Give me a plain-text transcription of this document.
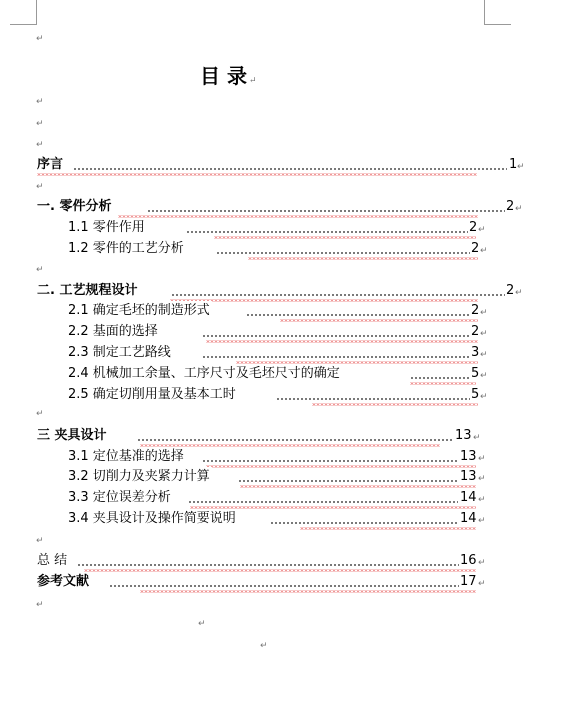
目 录 ↵
↵
↵
↵
↵
↵
↵
↵
↵
↵
↵
↵
序言	1 ↵
一. 零件分析	2 ↵
1.1 零件作用	2 ↵
1.2 零件的工艺分析	2 ↵
二. 工艺规程设计	2 ↵
2.1 确定毛坯的制造形式	2 ↵
2.2 基面的选择	2 ↵
2.3 制定工艺路线	3 ↵
2.4 机械加工余量、工序尺寸及毛坯尺寸的确定	5 ↵
2.5 确定切削用量及基本工时	5 ↵
三 夹具设计	13 ↵
3.1 定位基准的选择	13 ↵
3.2 切削力及夹紧力计算	13 ↵
3.3 定位误差分析	14 ↵
3.4 夹具设计及操作简要说明	14 ↵
总 结	16 ↵
参考文献	17 ↵
